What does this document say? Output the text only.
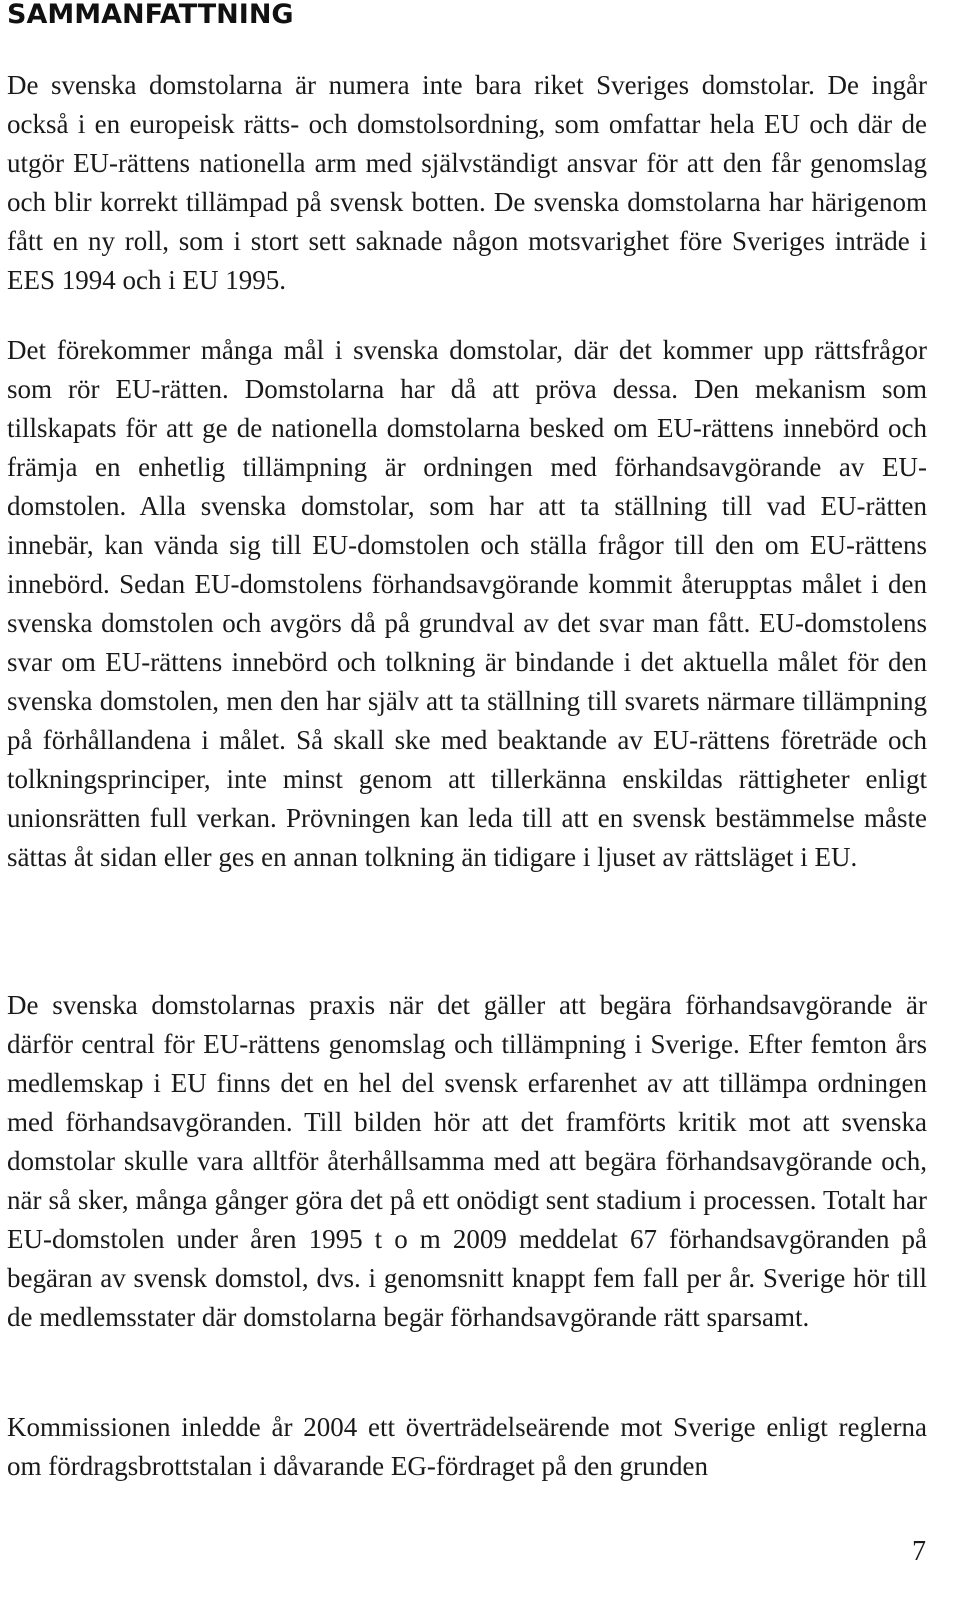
SAMMANFATTNING

De svenska domstolarna är numera inte bara riket Sveriges domstolar. De ingår också i en europeisk rätts- och domstolsordning, som omfattar hela EU och där de utgör EU-rättens nationella arm med självständigt ansvar för att den får genomslag och blir korrekt tillämpad på svensk botten. De svenska domstolarna har härigenom fått en ny roll, som i stort sett saknade någon motsvarighet före Sveriges inträde i EES 1994 och i EU 1995.

Det förekommer många mål i svenska domstolar, där det kommer upp rättsfrågor som rör EU-rätten. Domstolarna har då att pröva dessa. Den mekanism som tillskapats för att ge de nationella domstolarna besked om EU-rättens innebörd och främja en enhetlig tillämpning är ordningen med förhandsavgörande av EU-domstolen. Alla svenska domstolar, som har att ta ställning till vad EU-rätten innebär, kan vända sig till EU-domstolen och ställa frågor till den om EU-rättens innebörd. Sedan EU-domstolens förhandsavgörande kommit återupptas målet i den svenska domstolen och avgörs då på grundval av det svar man fått. EU-domstolens svar om EU-rättens innebörd och tolkning är bindande i det aktuella målet för den svenska domstolen, men den har själv att ta ställning till svarets närmare tillämpning på förhållandena i målet. Så skall ske med beaktande av EU-rättens företräde och tolkningsprinciper, inte minst genom att tillerkänna enskildas rättigheter enligt unionsrätten full verkan. Prövningen kan leda till att en svensk bestämmelse måste sättas åt sidan eller ges en annan tolkning än tidigare i ljuset av rättsläget i EU.

De svenska domstolarnas praxis när det gäller att begära förhandsavgörande är därför central för EU-rättens genomslag och tillämpning i Sverige. Efter femton års medlemskap i EU finns det en hel del svensk erfarenhet av att tillämpa ordningen med förhandsavgöranden. Till bilden hör att det framförts kritik mot att svenska domstolar skulle vara alltför återhållsamma med att begära förhandsavgörande och, när så sker, många gånger göra det på ett onödigt sent stadium i processen. Totalt har EU-domstolen under åren 1995 t o m 2009 meddelat 67 förhandsavgöranden på begäran av svensk domstol, dvs. i genomsnitt knappt fem fall per år. Sverige hör till de medlemsstater där domstolarna begär förhandsavgörande rätt sparsamt.

Kommissionen inledde år 2004 ett överträdelseärende mot Sverige enligt reglerna om fördragsbrottstalan i dåvarande EG-fördraget på den grunden

7
